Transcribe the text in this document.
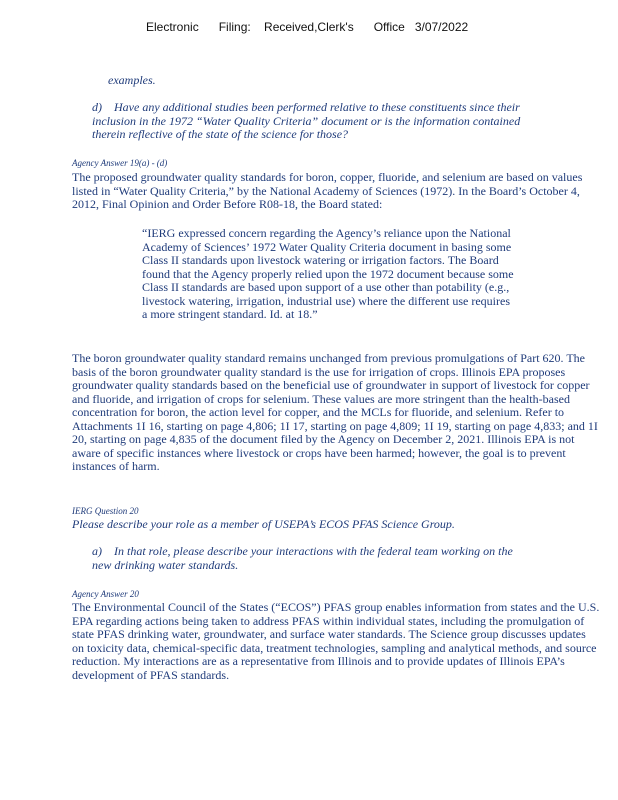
Electronic      Filing:    Received,Clerk's      Office   3/07/2022
examples.
d) Have any additional studies been performed relative to these constituents since their inclusion in the 1972 “Water Quality Criteria” document or is the information contained therein reflective of the state of the science for those?
Agency Answer 19(a) - (d)
The proposed groundwater quality standards for boron, copper, fluoride, and selenium are based on values listed in “Water Quality Criteria,” by the National Academy of Sciences (1972). In the Board’s October 4, 2012, Final Opinion and Order Before R08-18, the Board stated:
“IERG expressed concern regarding the Agency’s reliance upon the National Academy of Sciences’ 1972 Water Quality Criteria document in basing some Class II standards upon livestock watering or irrigation factors. The Board found that the Agency properly relied upon the 1972 document because some Class II standards are based upon support of a use other than potability (e.g., livestock watering, irrigation, industrial use) where the different use requires a more stringent standard. Id. at 18.”
The boron groundwater quality standard remains unchanged from previous promulgations of Part 620. The basis of the boron groundwater quality standard is the use for irrigation of crops. Illinois EPA proposes groundwater quality standards based on the beneficial use of groundwater in support of livestock for copper and fluoride, and irrigation of crops for selenium. These values are more stringent than the health-based concentration for boron, the action level for copper, and the MCLs for fluoride, and selenium. Refer to Attachments 1I 16, starting on page 4,806; 1I 17, starting on page 4,809; 1I 19, starting on page 4,833; and 1I 20, starting on page 4,835 of the document filed by the Agency on December 2, 2021. Illinois EPA is not aware of specific instances where livestock or crops have been harmed; however, the goal is to prevent instances of harm.
IERG Question 20
Please describe your role as a member of USEPA’s ECOS PFAS Science Group.
a) In that role, please describe your interactions with the federal team working on the new drinking water standards.
Agency Answer 20
The Environmental Council of the States (“ECOS”) PFAS group enables information from states and the U.S. EPA regarding actions being taken to address PFAS within individual states, including the promulgation of state PFAS drinking water, groundwater, and surface water standards. The Science group discusses updates on toxicity data, chemical-specific data, treatment technologies, sampling and analytical methods, and source reduction. My interactions are as a representative from Illinois and to provide updates of Illinois EPA’s development of PFAS standards.
